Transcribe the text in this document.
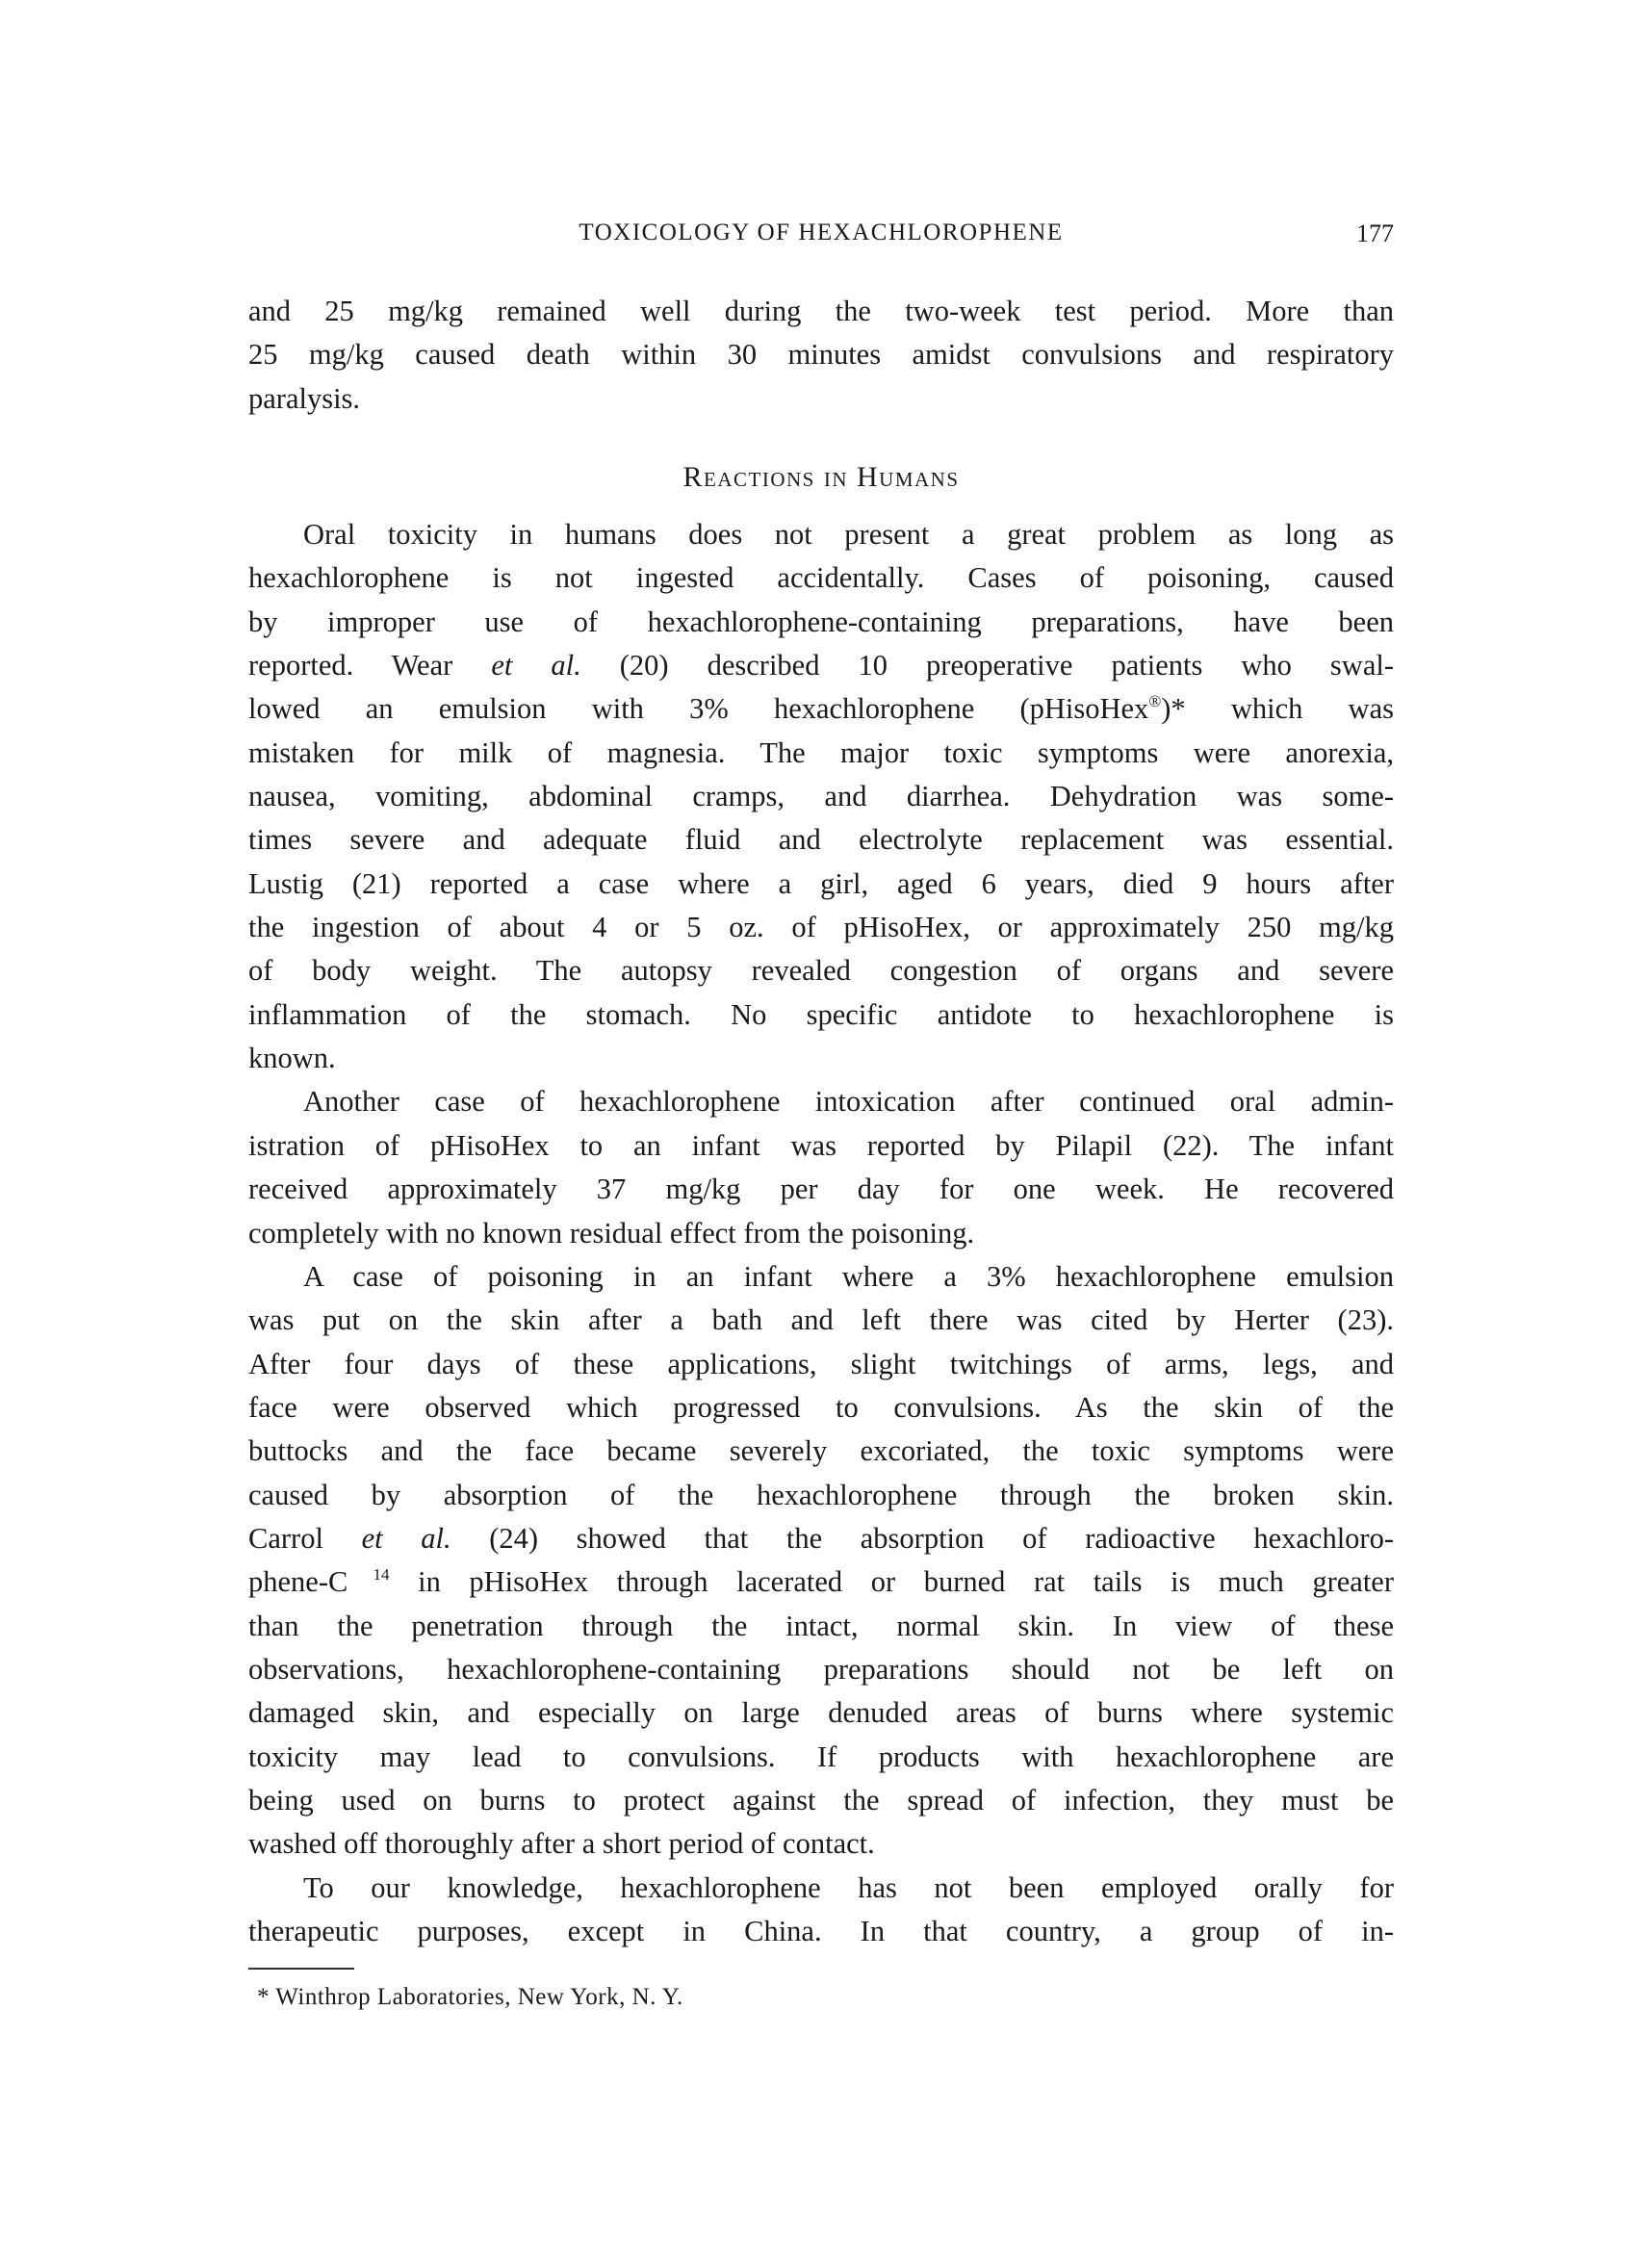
TOXICOLOGY OF HEXACHLOROPHENE	177
and 25 mg/kg remained well during the two-week test period. More than
25 mg/kg caused death within 30 minutes amidst convulsions and respiratory
paralysis.
Reactions in Humans
Oral toxicity in humans does not present a great problem as long as
hexachlorophene is not ingested accidentally. Cases of poisoning, caused
by improper use of hexachlorophene-containing preparations, have been
reported. Wear et al. (20) described 10 preoperative patients who swal-
lowed an emulsion with 3% hexachlorophene (pHisoHex®)* which was
mistaken for milk of magnesia. The major toxic symptoms were anorexia,
nausea, vomiting, abdominal cramps, and diarrhea. Dehydration was some-
times severe and adequate fluid and electrolyte replacement was essential.
Lustig (21) reported a case where a girl, aged 6 years, died 9 hours after
the ingestion of about 4 or 5 oz. of pHisoHex, or approximately 250 mg/kg
of body weight. The autopsy revealed congestion of organs and severe
inflammation of the stomach. No specific antidote to hexachlorophene is
known.
Another case of hexachlorophene intoxication after continued oral admin-
istration of pHisoHex to an infant was reported by Pilapil (22). The infant
received approximately 37 mg/kg per day for one week. He recovered
completely with no known residual effect from the poisoning.
A case of poisoning in an infant where a 3% hexachlorophene emulsion
was put on the skin after a bath and left there was cited by Herter (23).
After four days of these applications, slight twitchings of arms, legs, and
face were observed which progressed to convulsions. As the skin of the
buttocks and the face became severely excoriated, the toxic symptoms were
caused by absorption of the hexachlorophene through the broken skin.
Carrol et al. (24) showed that the absorption of radioactive hexachloro-
phene-C $^{14}$ in pHisoHex through lacerated or burned rat tails is much greater
than the penetration through the intact, normal skin. In view of these
observations, hexachlorophene-containing preparations should not be left on
damaged skin, and especially on large denuded areas of burns where systemic
toxicity may lead to convulsions. If products with hexachlorophene are
being used on burns to protect against the spread of infection, they must be
washed off thoroughly after a short period of contact.
To our knowledge, hexachlorophene has not been employed orally for
therapeutic purposes, except in China. In that country, a group of in-
* Winthrop Laboratories, New York, N. Y.
